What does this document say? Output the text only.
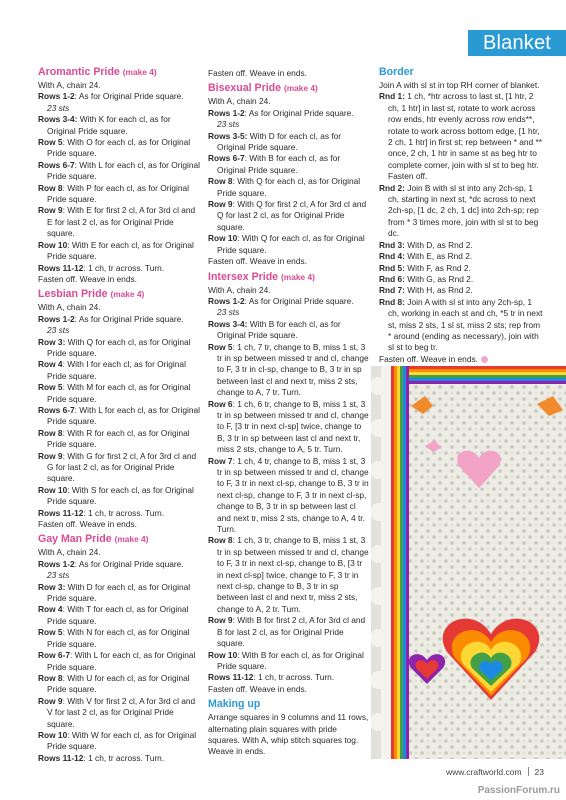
Blanket
Aromantic Pride (make 4)

With A, chain 24.

Rows 1-2: As for Original Pride square.

23 sts

Rows 3-4: With K for each cl, as for Original Pride square.

Row 5: With O for each cl, as for Original Pride square.

Rows 6-7: With L for each cl, as for Original Pride square.

Row 8: With P for each cl, as for Original Pride square.

Row 9: With E for first 2 cl, A for 3rd cl and E for last 2 cl, as for Original Pride square.

Row 10: With E for each cl, as for Original Pride square.

Rows 11-12: 1 ch, tr across. Turn.

Fasten off. Weave in ends.

Lesbian Pride (make 4)

With A, chain 24.

Rows 1-2: As for Original Pride square.

23 sts

Row 3: With Q for each cl, as for Original Pride square.

Row 4: With I for each cl, as for Original Pride square.

Row 5: With M for each cl, as for Original Pride square.

Rows 6-7: With L for each cl, as for Original Pride square.

Row 8: With R for each cl, as for Original Pride square.

Row 9: With G for first 2 cl, A for 3rd cl and G for last 2 cl, as for Original Pride square.

Row 10: With S for each cl, as for Original Pride square.

Rows 11-12: 1 ch, tr across. Turn.

Fasten off. Weave in ends.

Gay Man Pride (make 4)

With A, chain 24.

Rows 1-2: As for Original Pride square.

23 sts

Row 3: With D for each cl, as for Original Pride square.

Row 4: With T for each cl, as for Original Pride square.

Row 5: With N for each cl, as for Original Pride square.

Row 6-7: With L for each cl, as for Original Pride square.

Row 8: With U for each cl, as for Original Pride square.

Row 9: With V for first 2 cl, A for 3rd cl and V for last 2 cl, as for Original Pride square.

Row 10: With W for each cl, as for Original Pride square.

Rows 11-12: 1 ch, tr across. Turn.

Fasten off. Weave in ends.

Bisexual Pride (make 4)

With A, chain 24.

Rows 1-2: As for Original Pride square.

23 sts

Rows 3-5: With D for each cl, as for Original Pride square.

Rows 6-7: With B for each cl, as for Original Pride square.

Row 8: With Q for each cl, as for Original Pride square.

Row 9: With Q for first 2 cl, A for 3rd cl and Q for last 2 cl, as for Original Pride square.

Row 10: With Q for each cl, as for Original Pride square.

Fasten off. Weave in ends.

Intersex Pride (make 4)

With A, chain 24.

Rows 1-2: As for Original Pride square.

23 sts

Rows 3-4: With B for each cl, as for Original Pride square.

Row 5: 1 ch, 7 tr, change to B, miss 1 st, 3 tr in sp between missed tr and cl, change to F, 3 tr in cl-sp, change to B, 3 tr in sp between last cl and next tr, miss 2 sts, change to A, 7 tr. Turn.

Row 6: 1 ch, 6 tr, change to B, miss 1 st, 3 tr in sp between missed tr and cl, change to F, [3 tr in next cl-sp] twice, change to B, 3 tr in sp between last cl and next tr, miss 2 sts, change to A, 5 tr. Turn.

Row 7: 1 ch, 4 tr, change to B, miss 1 st, 3 tr in sp between missed tr and cl, change to F, 3 tr in next cl-sp, change to B, 3 tr in next cl-sp, change to F, 3 tr in next cl-sp, change to B, 3 tr in sp between last cl and next tr, miss 2 sts, change to A, 4 tr. Turn.

Row 8: 1 ch, 3 tr, change to B, miss 1 st, 3 tr in sp between missed tr and cl, change to F, 3 tr in next cl-sp, change to B, [3 tr in next cl-sp] twice, change to F, 3 tr in next cl-sp, change to B, 3 tr in sp between last cl and next tr, miss 2 sts, change to A, 2 tr. Turn.

Row 9: With B for first 2 cl, A for 3rd cl and B for last 2 cl, as for Original Pride square.

Row 10: With B for each cl, as for Original Pride square.

Rows 11-12: 1 ch, tr across. Turn.

Fasten off. Weave in ends.

Making up

Arrange squares in 9 columns and 11 rows, alternating plain squares with pride squares. With A, whip stitch squares tog. Weave in ends.

Border

Join A with sl st in top RH corner of blanket.

Rnd 1: 1 ch, *htr across to last st, [1 htr, 2 ch, 1 htr] in last st, rotate to work across row ends, htr evenly across row ends**, rotate to work across bottom edge, [1 htr, 2 ch, 1 htr] in first st; rep between * and ** once, 2 ch, 1 htr in same st as beg htr to complete corner, join with sl st to beg htr. Fasten off.

Rnd 2: Join B with sl st into any 2ch-sp, 1 ch, starting in next st, *dc across to next 2ch-sp, [1 dc, 2 ch, 1 dc] into 2ch-sp; rep from * 3 times more, join with sl st to beg dc.

Rnd 3: With D, as Rnd 2.

Rnd 4: With E, as Rnd 2.

Rnd 5: With F, as Rnd 2.

Rnd 6: With G, as Rnd 2.

Rnd 7: With H, as Rnd 2.

Rnd 8: Join A with sl st into any 2ch-sp, 1 ch, working in each st and ch, *5 tr in next st, miss 2 sts, 1 sl st, miss 2 sts; rep from * around (ending as necessary), join with sl st to beg tr.

Fasten off. Weave in ends.

www.craftworld.com 23
PassionForum.ru
